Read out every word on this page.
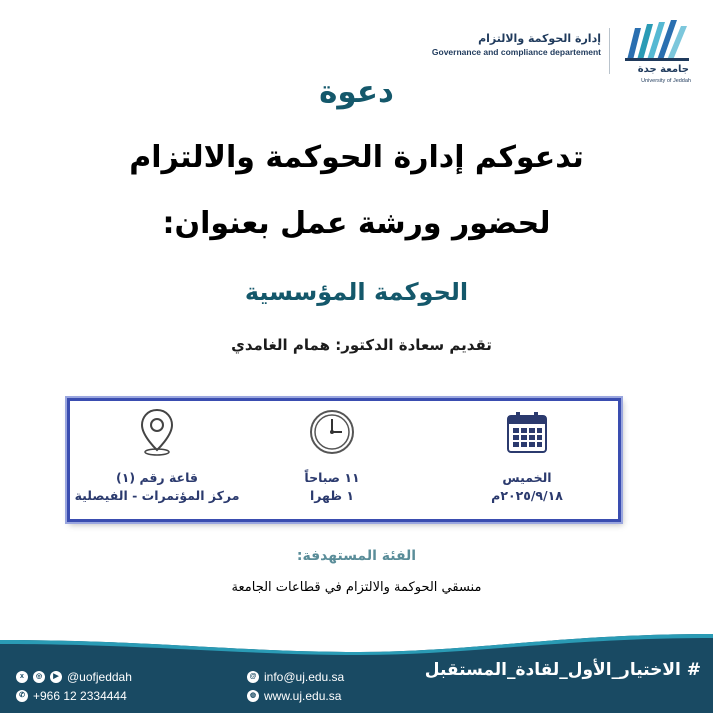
إدارة الحوكمة والالتزام
Governance and compliance departement
جامعة جدة
University of Jeddah
دعوة
تدعوكم إدارة الحوكمة والالتزام
لحضور ورشة عمل بعنوان:
الحوكمة المؤسسية
تقديم سعادة الدكتور: همام الغامدي
الخميس
٢٠٢٥/٩/١٨م
١١ صباحاً
١ ظهرا
قاعة رقم (١)
مركز المؤتمرات - الفيصلية
الفئة المستهدفة:
منسقي الحوكمة والالتزام في قطاعات الجامعة
# الاختيار_الأول_لقادة_المستقبل
x	◎	▶ @uofjeddah
✆ +966 12 2334444
@ info@uj.edu.sa
◍ www.uj.edu.sa
